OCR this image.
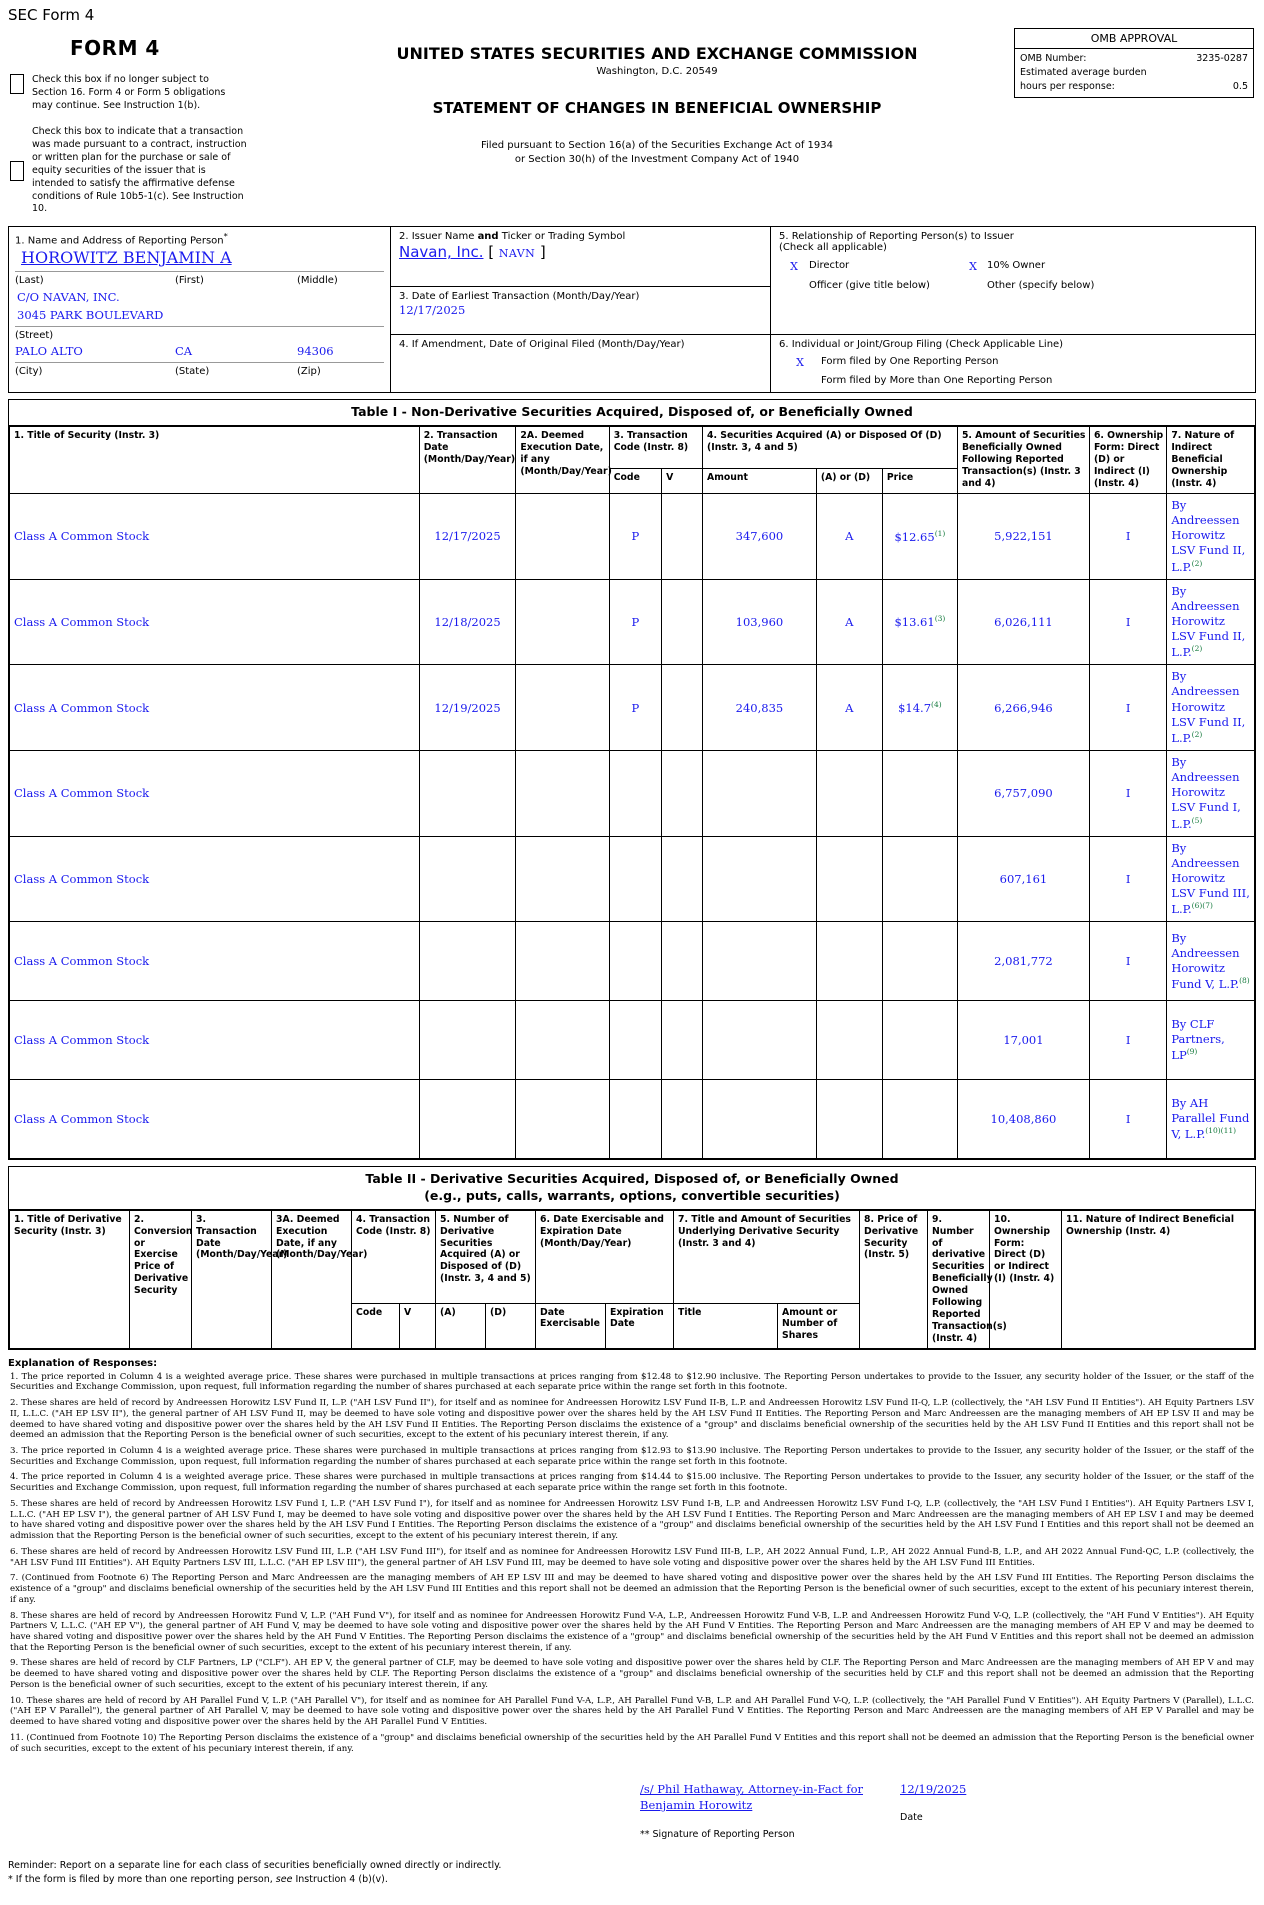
SEC Form 4
FORM 4
Check this box if no longer subject to Section 16. Form 4 or Form 5 obligations may continue. See Instruction 1(b).
Check this box to indicate that a transaction was made pursuant to a contract, instruction or written plan for the purchase or sale of equity securities of the issuer that is intended to satisfy the affirmative defense conditions of Rule 10b5-1(c). See Instruction 10.
UNITED STATES SECURITIES AND EXCHANGE COMMISSION
Washington, D.C. 20549
STATEMENT OF CHANGES IN BENEFICIAL OWNERSHIP
Filed pursuant to Section 16(a) of the Securities Exchange Act of 1934
or Section 30(h) of the Investment Company Act of 1940
OMB APPROVAL
OMB Number:	3235-0287
Estimated average burden
hours per response:	0.5
1. Name and Address of Reporting Person*
HOROWITZ BENJAMIN A
(Last)	(First)	(Middle)
C/O NAVAN, INC.
3045 PARK BOULEVARD
(Street)
PALO ALTO	CA	94306
(City)	(State)	(Zip)
2. Issuer Name and Ticker or Trading Symbol
Navan, Inc. [ NAVN ]
3. Date of Earliest Transaction (Month/Day/Year)
12/17/2025
4. If Amendment, Date of Original Filed (Month/Day/Year)
5. Relationship of Reporting Person(s) to Issuer
(Check all applicable)
X	Director	X	10% Owner
Officer (give title below)	Other (specify below)
6. Individual or Joint/Group Filing (Check Applicable Line)
X	Form filed by One Reporting Person
Form filed by More than One Reporting Person
Table I - Non-Derivative Securities Acquired, Disposed of, or Beneficially Owned
1. Title of Security (Instr. 3)	2. Transaction Date (Month/Day/Year)	2A. Deemed Execution Date, if any (Month/Day/Year)	3. Transaction Code (Instr. 8)		4. Securities Acquired (A) or Disposed Of (D) (Instr. 3, 4 and 5)			5. Amount of Securities Beneficially Owned Following Reported Transaction(s) (Instr. 3 and 4)	6. Ownership Form: Direct (D) or Indirect (I) (Instr. 4)	7. Nature of Indirect Beneficial Ownership (Instr. 4)
			Code	V	Amount	(A) or (D)	Price			
Class A Common Stock	12/17/2025		P		347,600	A	$12.65$^{(1)}$	5,922,151	I	By Andreessen Horowitz LSV Fund II, L.P.$^{(2)}$
Class A Common Stock	12/18/2025		P		103,960	A	$13.61$^{(3)}$	6,026,111	I	By Andreessen Horowitz LSV Fund II, L.P.$^{(2)}$
Class A Common Stock	12/19/2025		P		240,835	A	$14.7$^{(4)}$	6,266,946	I	By Andreessen Horowitz LSV Fund II, L.P.$^{(2)}$
Class A Common Stock								6,757,090	I	By Andreessen Horowitz LSV Fund I, L.P.$^{(5)}$
Class A Common Stock								607,161	I	By Andreessen Horowitz LSV Fund III, L.P.$^{(6)(7)}$
Class A Common Stock								2,081,772	I	By Andreessen Horowitz Fund V, L.P.$^{(8)}$
Class A Common Stock								17,001	I	By CLF Partners, LP$^{(9)}$
Class A Common Stock								10,408,860	I	By AH Parallel Fund V, L.P.$^{(10)(11)}$
Table II - Derivative Securities Acquired, Disposed of, or Beneficially Owned
(e.g., puts, calls, warrants, options, convertible securities)
1. Title of Derivative Security (Instr. 3)	2. Conversion or Exercise Price of Derivative Security	3. Transaction Date (Month/Day/Year)	3A. Deemed Execution Date, if any (Month/Day/Year)	4. Transaction Code (Instr. 8)		5. Number of Derivative Securities Acquired (A) or Disposed of (D) (Instr. 3, 4 and 5)		6. Date Exercisable and Expiration Date (Month/Day/Year)		7. Title and Amount of Securities Underlying Derivative Security (Instr. 3 and 4)		8. Price of Derivative Security (Instr. 5)	9. Number of derivative Securities Beneficially Owned Following Reported Transaction(s) (Instr. 4)	10. Ownership Form: Direct (D) or Indirect (I) (Instr. 4)	11. Nature of Indirect Beneficial Ownership (Instr. 4)
				Code	V	(A)	(D)	Date Exercisable	Expiration Date	Title	Amount or Number of Shares				
Explanation of Responses:
1. The price reported in Column 4 is a weighted average price. These shares were purchased in multiple transactions at prices ranging from $12.48 to $12.90 inclusive. The Reporting Person undertakes to provide to the Issuer, any security holder of the Issuer, or the staff of the Securities and Exchange Commission, upon request, full information regarding the number of shares purchased at each separate price within the range set forth in this footnote.
2. These shares are held of record by Andreessen Horowitz LSV Fund II, L.P. ("AH LSV Fund II"), for itself and as nominee for Andreessen Horowitz LSV Fund II-B, L.P. and Andreessen Horowitz LSV Fund II-Q, L.P. (collectively, the "AH LSV Fund II Entities"). AH Equity Partners LSV II, L.L.C. ("AH EP LSV II"), the general partner of AH LSV Fund II, may be deemed to have sole voting and dispositive power over the shares held by the AH LSV Fund II Entities. The Reporting Person and Marc Andreessen are the managing members of AH EP LSV II and may be deemed to have shared voting and dispositive power over the shares held by the AH LSV Fund II Entities. The Reporting Person disclaims the existence of a "group" and disclaims beneficial ownership of the securities held by the AH LSV Fund II Entities and this report shall not be deemed an admission that the Reporting Person is the beneficial owner of such securities, except to the extent of his pecuniary interest therein, if any.
3. The price reported in Column 4 is a weighted average price. These shares were purchased in multiple transactions at prices ranging from $12.93 to $13.90 inclusive. The Reporting Person undertakes to provide to the Issuer, any security holder of the Issuer, or the staff of the Securities and Exchange Commission, upon request, full information regarding the number of shares purchased at each separate price within the range set forth in this footnote.
4. The price reported in Column 4 is a weighted average price. These shares were purchased in multiple transactions at prices ranging from $14.44 to $15.00 inclusive. The Reporting Person undertakes to provide to the Issuer, any security holder of the Issuer, or the staff of the Securities and Exchange Commission, upon request, full information regarding the number of shares purchased at each separate price within the range set forth in this footnote.
5. These shares are held of record by Andreessen Horowitz LSV Fund I, L.P. ("AH LSV Fund I"), for itself and as nominee for Andreessen Horowitz LSV Fund I-B, L.P. and Andreessen Horowitz LSV Fund I-Q, L.P. (collectively, the "AH LSV Fund I Entities"). AH Equity Partners LSV I, L.L.C. ("AH EP LSV I"), the general partner of AH LSV Fund I, may be deemed to have sole voting and dispositive power over the shares held by the AH LSV Fund I Entities. The Reporting Person and Marc Andreessen are the managing members of AH EP LSV I and may be deemed to have shared voting and dispositive power over the shares held by the AH LSV Fund I Entities. The Reporting Person disclaims the existence of a "group" and disclaims beneficial ownership of the securities held by the AH LSV Fund I Entities and this report shall not be deemed an admission that the Reporting Person is the beneficial owner of such securities, except to the extent of his pecuniary interest therein, if any.
6. These shares are held of record by Andreessen Horowitz LSV Fund III, L.P. ("AH LSV Fund III"), for itself and as nominee for Andreessen Horowitz LSV Fund III-B, L.P., AH 2022 Annual Fund, L.P., AH 2022 Annual Fund-B, L.P., and AH 2022 Annual Fund-QC, L.P. (collectively, the "AH LSV Fund III Entities"). AH Equity Partners LSV III, L.L.C. ("AH EP LSV III"), the general partner of AH LSV Fund III, may be deemed to have sole voting and dispositive power over the shares held by the AH LSV Fund III Entities.
7. (Continued from Footnote 6) The Reporting Person and Marc Andreessen are the managing members of AH EP LSV III and may be deemed to have shared voting and dispositive power over the shares held by the AH LSV Fund III Entities. The Reporting Person disclaims the existence of a "group" and disclaims beneficial ownership of the securities held by the AH LSV Fund III Entities and this report shall not be deemed an admission that the Reporting Person is the beneficial owner of such securities, except to the extent of his pecuniary interest therein, if any.
8. These shares are held of record by Andreessen Horowitz Fund V, L.P. ("AH Fund V"), for itself and as nominee for Andreessen Horowitz Fund V-A, L.P., Andreessen Horowitz Fund V-B, L.P. and Andreessen Horowitz Fund V-Q, L.P. (collectively, the "AH Fund V Entities"). AH Equity Partners V, L.L.C. ("AH EP V"), the general partner of AH Fund V, may be deemed to have sole voting and dispositive power over the shares held by the AH Fund V Entities. The Reporting Person and Marc Andreessen are the managing members of AH EP V and may be deemed to have shared voting and dispositive power over the shares held by the AH Fund V Entities. The Reporting Person disclaims the existence of a "group" and disclaims beneficial ownership of the securities held by the AH Fund V Entities and this report shall not be deemed an admission that the Reporting Person is the beneficial owner of such securities, except to the extent of his pecuniary interest therein, if any.
9. These shares are held of record by CLF Partners, LP ("CLF"). AH EP V, the general partner of CLF, may be deemed to have sole voting and dispositive power over the shares held by CLF. The Reporting Person and Marc Andreessen are the managing members of AH EP V and may be deemed to have shared voting and dispositive power over the shares held by CLF. The Reporting Person disclaims the existence of a "group" and disclaims beneficial ownership of the securities held by CLF and this report shall not be deemed an admission that the Reporting Person is the beneficial owner of such securities, except to the extent of his pecuniary interest therein, if any.
10. These shares are held of record by AH Parallel Fund V, L.P. ("AH Parallel V"), for itself and as nominee for AH Parallel Fund V-A, L.P., AH Parallel Fund V-B, L.P. and AH Parallel Fund V-Q, L.P. (collectively, the "AH Parallel Fund V Entities"). AH Equity Partners V (Parallel), L.L.C. ("AH EP V Parallel"), the general partner of AH Parallel V, may be deemed to have sole voting and dispositive power over the shares held by the AH Parallel Fund V Entities. The Reporting Person and Marc Andreessen are the managing members of AH EP V Parallel and may be deemed to have shared voting and dispositive power over the shares held by the AH Parallel Fund V Entities.
11. (Continued from Footnote 10) The Reporting Person disclaims the existence of a "group" and disclaims beneficial ownership of the securities held by the AH Parallel Fund V Entities and this report shall not be deemed an admission that the Reporting Person is the beneficial owner of such securities, except to the extent of his pecuniary interest therein, if any.
/s/ Phil Hathaway, Attorney-in-Fact for
Benjamin Horowitz
** Signature of Reporting Person
12/19/2025
Date
Reminder: Report on a separate line for each class of securities beneficially owned directly or indirectly.
* If the form is filed by more than one reporting person, see Instruction 4 (b)(v).
